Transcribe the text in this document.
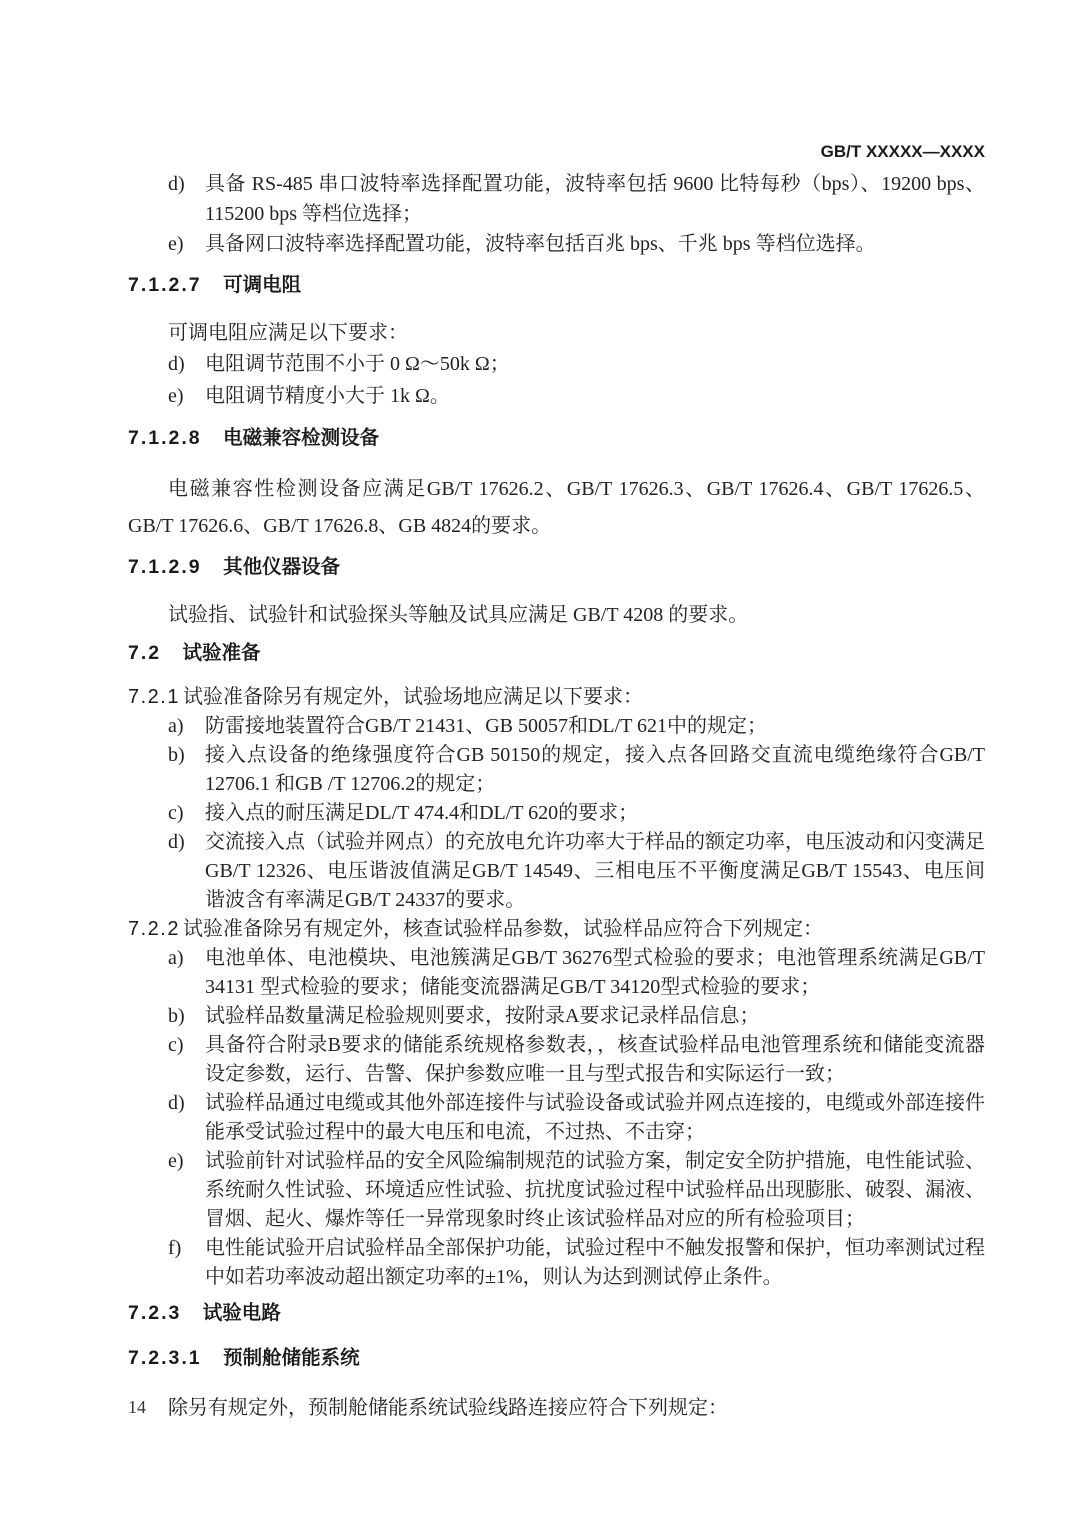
GB/T XXXXX—XXXX
d) 具备 RS-485 串口波特率选择配置功能，波特率包括 9600 比特每秒（bps）、19200 bps、115200 bps 等档位选择；
e) 具备网口波特率选择配置功能，波特率包括百兆 bps、千兆 bps 等档位选择。
7.1.2.7 可调电阻

可调电阻应满足以下要求：

d) 电阻调节范围不小于 0 Ω～50k Ω；
e) 电阻调节精度小大于 1k Ω。
7.1.2.8 电磁兼容检测设备

电磁兼容性检测设备应满足GB/T 17626.2、GB/T 17626.3、GB/T 17626.4、GB/T 17626.5、GB/T 17626.6、GB/T 17626.8、GB 4824的要求。

7.1.2.9 其他仪器设备

试验指、试验针和试验探头等触及试具应满足 GB/T 4208 的要求。

7.2 试验准备

7.2.1 试验准备除另有规定外，试验场地应满足以下要求：

a) 防雷接地装置符合GB/T 21431、GB 50057和DL/T 621中的规定；
b) 接入点设备的绝缘强度符合GB 50150的规定，接入点各回路交直流电缆绝缘符合GB/T 12706.1 和GB /T 12706.2的规定；
c) 接入点的耐压满足DL/T 474.4和DL/T 620的要求；
d) 交流接入点（试验并网点）的充放电允许功率大于样品的额定功率，电压波动和闪变满足GB/T 12326、电压谐波值满足GB/T 14549、三相电压不平衡度满足GB/T 15543、电压间谐波含有率满足GB/T 24337的要求。

7.2.2 试验准备除另有规定外，核查试验样品参数，试验样品应符合下列规定：

a) 电池单体、电池模块、电池簇满足GB/T 36276型式检验的要求；电池管理系统满足GB/T 34131 型式检验的要求；储能变流器满足GB/T 34120型式检验的要求；
b) 试验样品数量满足检验规则要求，按附录A要求记录样品信息；
c) 具备符合附录B要求的储能系统规格参数表，，核查试验样品电池管理系统和储能变流器设定参数，运行、告警、保护参数应唯一且与型式报告和实际运行一致；
d) 试验样品通过电缆或其他外部连接件与试验设备或试验并网点连接的，电缆或外部连接件能承受试验过程中的最大电压和电流，不过热、不击穿；
e) 试验前针对试验样品的安全风险编制规范的试验方案，制定安全防护措施，电性能试验、系统耐久性试验、环境适应性试验、抗扰度试验过程中试验样品出现膨胀、破裂、漏液、冒烟、起火、爆炸等任一异常现象时终止该试验样品对应的所有检验项目；
f) 电性能试验开启试验样品全部保护功能，试验过程中不触发报警和保护，恒功率测试过程中如若功率波动超出额定功率的±1%，则认为达到测试停止条件。
7.2.3 试验电路
7.2.3.1 预制舱储能系统

除另有规定外，预制舱储能系统试验线路连接应符合下列规定：

14
